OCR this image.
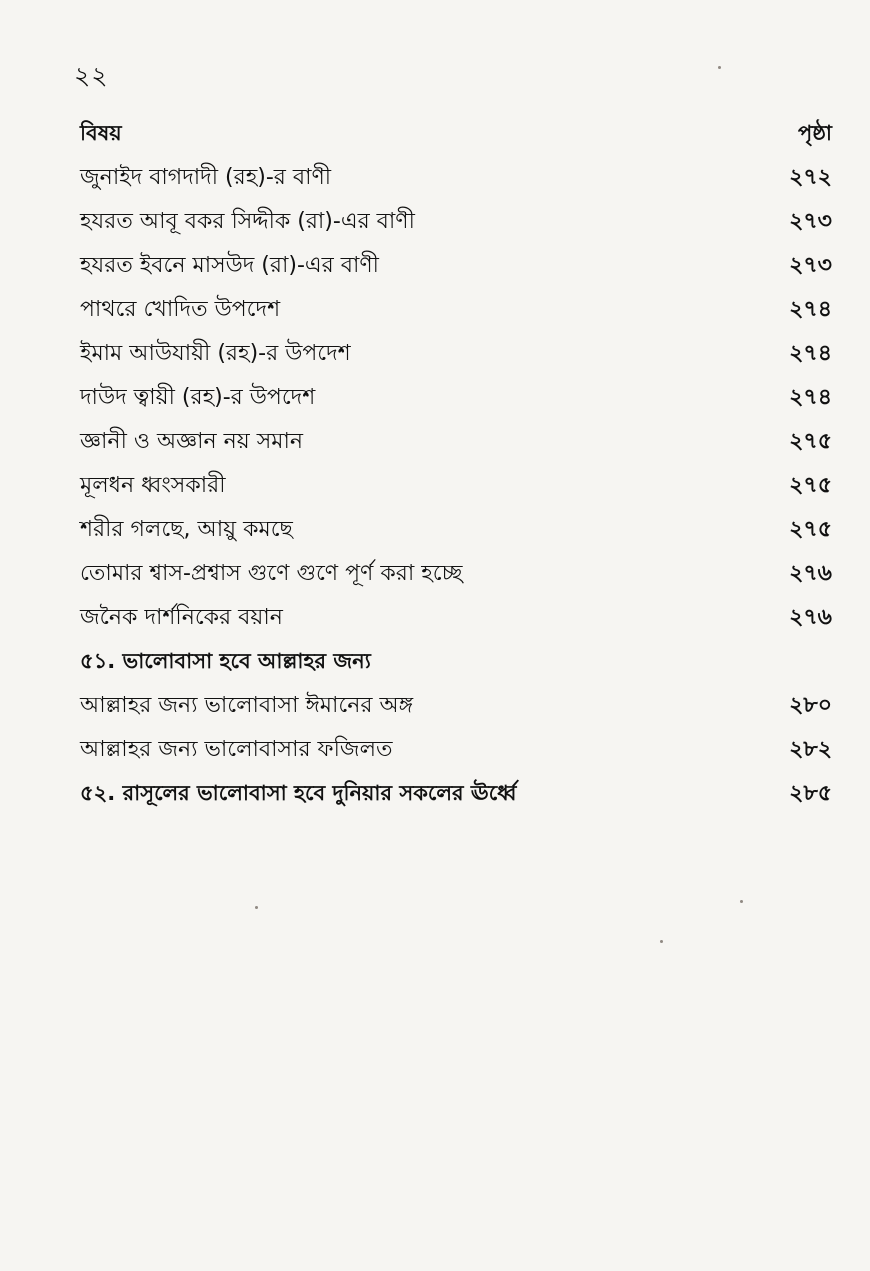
২২
বিষয়	পৃষ্ঠা
জুনাইদ বাগদাদী (রহ)-র বাণী	২৭২
হযরত আবূ বকর সিদ্দীক (রা)-এর বাণী	২৭৩
হযরত ইবনে মাসউদ (রা)-এর বাণী	২৭৩
পাথরে খোদিত উপদেশ	২৭৪
ইমাম আউযায়ী (রহ)-র উপদেশ	২৭৪
দাউদ ত্বায়ী (রহ)-র উপদেশ	২৭৪
জ্ঞানী ও অজ্ঞান নয় সমান	২৭৫
মূলধন ধ্বংসকারী	২৭৫
শরীর গলছে, আয়ু কমছে	২৭৫
তোমার শ্বাস-প্রশ্বাস গুণে গুণে পূর্ণ করা হচ্ছে	২৭৬
জনৈক দার্শনিকের বয়ান	২৭৬
৫১. ভালোবাসা হবে আল্লাহর জন্য
আল্লাহর জন্য ভালোবাসা ঈমানের অঙ্গ	২৮০
আল্লাহর জন্য ভালোবাসার ফজিলত	২৮২
৫২. রাসূলের ভালোবাসা হবে দুনিয়ার সকলের ঊর্ধ্বে	২৮৫
